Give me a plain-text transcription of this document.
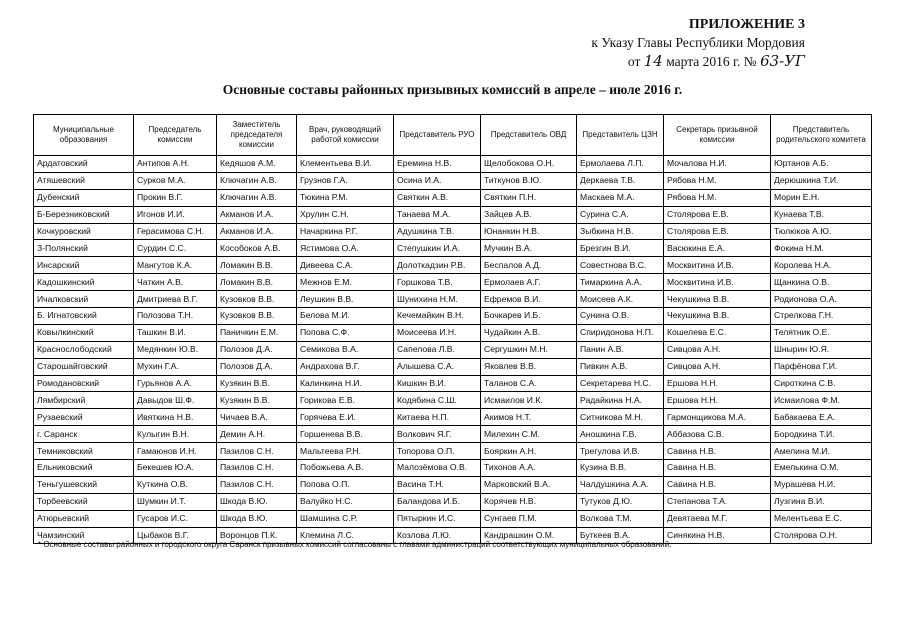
ПРИЛОЖЕНИЕ 3
к Указу Главы Республики Мордовия
от 14 марта 2016 г. № 63-УГ
Основные составы районных призывных комиссий в апреле – июле 2016 г.
Муниципальные образования	Председатель комиссии	Заместитель председателя комиссии	Врач, руководящий работой комиссии	Представитель РУО	Представитель ОВД	Представитель ЦЗН	Секретарь призывной комиссии	Представитель родительского комитета
Ардатовский	Антипов А.Н.	Кедяшов А.М.	Клементьева В.И.	Еремина Н.В.	Щелобокова О.Н.	Ермолаева Л.П.	Мочалова Н.И.	Юртанов А.Б.
Атяшевский	Сурков М.А.	Ключагин А.В.	Грузнов Г.А.	Осина И.А.	Титкунов В.Ю.	Деркаева Т.В.	Рябова Н.М.	Дерюшкина Т.И.
Дубенский	Прокин В.Г.	Ключагин А.В.	Тюкина Р.М.	Святкин А.В.	Святкин П.Н.	Маскаев М.А.	Рябова Н.М.	Морин Е.Н.
Б-Березниковский	Игонов И.И.	Акманов И.А.	Хрулин С.Н.	Танаева М.А.	Зайцев А.В.	Сурина С.А.	Столярова Е.В.	Кунаева Т.В.
Кочкуровский	Герасимова С.Н.	Акманов И.А.	Начаркина Р.Г.	Адушкина Т.В.	Юнанкин Н.В.	Зыбкина Н.В.	Столярова Е.В.	Тюлюков А.Ю.
З-Полянский	Сурдин С.С.	Кособоков А.В.	Ястимова О.А.	Степушкин И.А.	Мучкин В.А.	Брезгин В.И.	Васюкина Е.А.	Фокина Н.М.
Инсарский	Мангутов К.А.	Ломакин В.В.	Дивеева С.А.	Долоткадзин Р.В.	Беспалов А.Д.	Совестнова В.С.	Москвитина И.В.	Королева Н.А.
Кадошкинский	Чаткин А.В.	Ломакин В.В.	Межнов Е.М.	Горшкова Т.В.	Ермолаев А.Г.	Тимаркина А.А.	Москвитина И.В.	Щанкина О.В.
Ичалковский	Дмитриева В.Г.	Кузовков В.В.	Леушкин В.В.	Шунихина Н.М.	Ефремов В.И.	Моисеев А.К.	Чекушкина В.В.	Родионова О.А.
Б. Игнатовский	Полозова Т.Н.	Кузовков В.В.	Белова М.И.	Кечемайкин В.Н.	Бочкарев И.Б.	Сунина О.В.	Чекушкина В.В.	Стрелкова Г.Н.
Ковылкинский	Ташкин В.И.	Паничкин Е.М.	Попова С.Ф.	Моисеева И.Н.	Чудайкин А.В.	Спиридонова Н.П.	Кошелева Е.С.	Телятник О.Е.
Краснослободский	Медянкин Ю.В.	Полозов Д.А.	Семикова В.А.	Сапелова Л.В.	Сергушкин М.Н.	Панин А.В.	Сивцова А.Н.	Шнырин Ю.Я.
Старошайговский	Мухин Г.А.	Полозов Д.А.	Андрахова В.Г.	Алышева С.А.	Яковлев В.В.	Пивкин А.В.	Сивцова А.Н.	Парфёнова Г.И.
Ромодановский	Гурьянов А.А.	Кузякин В.В.	Калинкина Н.И.	Кишкин В.И.	Таланов С.А.	Секретарева Н.С.	Ершова Н.Н.	Сироткина С.В.
Лямбирский	Давыдов Ш.Ф.	Кузякин В.В.	Горикова Е.В.	Кодябина С.Ш.	Исмаилов И.К.	Радайкина Н.А.	Ершова Н.Н.	Исмаилова Ф.М.
Рузаевский	Ивяткина Н.В.	Чичаев В.А.	Горячева Е.И.	Китаева Н.П.	Акимов Н.Т.	Ситникова М.Н.	Гармонщикова М.А.	Бабакаева Е.А.
г. Саранск	Кулыгин В.Н.	Демин А.Н.	Горшенева В.В.	Волкович Я.Г.	Милехин С.М.	Аношкина Г.В.	Аббазова С.В.	Бородкина Т.И.
Темниковский	Гамаюнов И.Н.	Пазилов С.Н.	Мальтеева Р.Н.	Топорова О.П.	Бояркин А.Н.	Трегулова И.В.	Савина Н.В.	Амелина М.И.
Ельниковский	Бекешев Ю.А.	Пазилов С.Н.	Побожьева А.В.	Малозёмова О.В.	Тихонов А.А.	Кузина В.В.	Савина Н.В.	Емелькина О.М.
Теньгушевский	Куткина О.В.	Пазилов С.Н.	Попова О.П.	Васина Т.Н.	Марковский В.А.	Чалдушкина А.А.	Савина Н.В.	Мурашева Н.И.
Торбеевский	Шумкин И.Т.	Шкода В.Ю.	Валуйко Н.С.	Баландова И.Б.	Корячев Н.В.	Тутуков Д.Ю.	Степанова Т.А.	Лузгина В.И.
Атюрьевский	Гусаров И.С.	Шкода В.Ю.	Шамшина С.Р.	Пятыркин И.С.	Сунгаев П.М.	Волкова Т.М.	Девятаева М.Г.	Мелентьева Е.С.
Чамзинский	Цыбаков В.Г.	Воронцов П.К.	Клемина Л.С.	Козлова Л.Ю.	Кандрашкин О.М.	Буткеев В.А.	Синякина Н.В.	Столярова О.Н.
* Основные составы районных и городского округа Саранск призывных комиссий согласованы с главами администраций соответствующих муниципальных образований.
